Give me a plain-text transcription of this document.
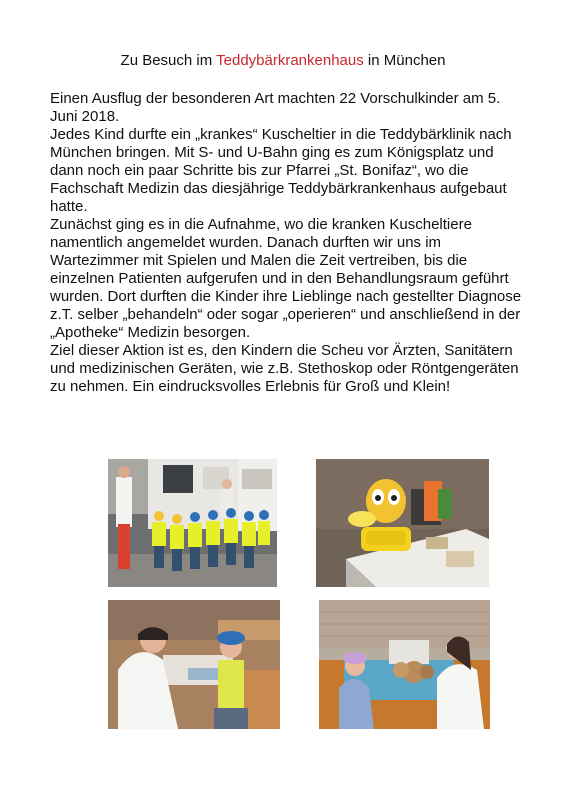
Zu Besuch im Teddybärkrankenhaus in München

Einen Ausflug der besonderen Art machten 22 Vorschulkinder am 5. Juni 2018.

Jedes Kind durfte ein „krankes“ Kuscheltier in die Teddybärklinik nach München bringen. Mit S- und U-Bahn ging es zum Königsplatz und dann noch ein paar Schritte bis zur Pfarrei „St. Bonifaz“, wo die Fachschaft Medizin das diesjährige Teddybärkrankenhaus aufgebaut hatte.

Zunächst ging es in die Aufnahme, wo die kranken Kuscheltiere namentlich angemeldet wurden. Danach durften wir uns im Wartezimmer mit Spielen und Malen die Zeit vertreiben, bis die einzelnen Patienten aufgerufen und in den Behandlungsraum geführt wurden. Dort durften die Kinder ihre Lieblinge nach gestellter Diagnose z.T. selber „behandeln“ oder sogar „operieren“ und anschließend in der „Apotheke“ Medizin besorgen.

Ziel dieser Aktion ist es, den Kindern die Scheu vor Ärzten, Sanitätern und medizinischen Geräten, wie z.B. Stethoskop oder Röntgengeräten zu nehmen. Ein eindrucksvolles Erlebnis für Groß und Klein!
